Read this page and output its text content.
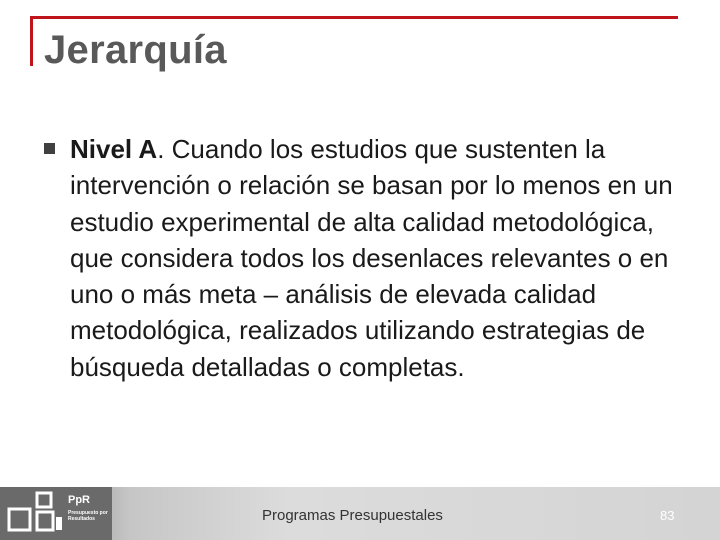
Jerarquía
Nivel A. Cuando los estudios que sustenten la intervención o relación se basan por lo menos en un estudio experimental de alta calidad metodológica, que considera todos los desenlaces relevantes o en uno o más meta – análisis de elevada calidad metodológica, realizados utilizando estrategias de búsqueda detalladas o completas.
PpR
Presupuesto por Resultados	Programas Presupuestales	83
